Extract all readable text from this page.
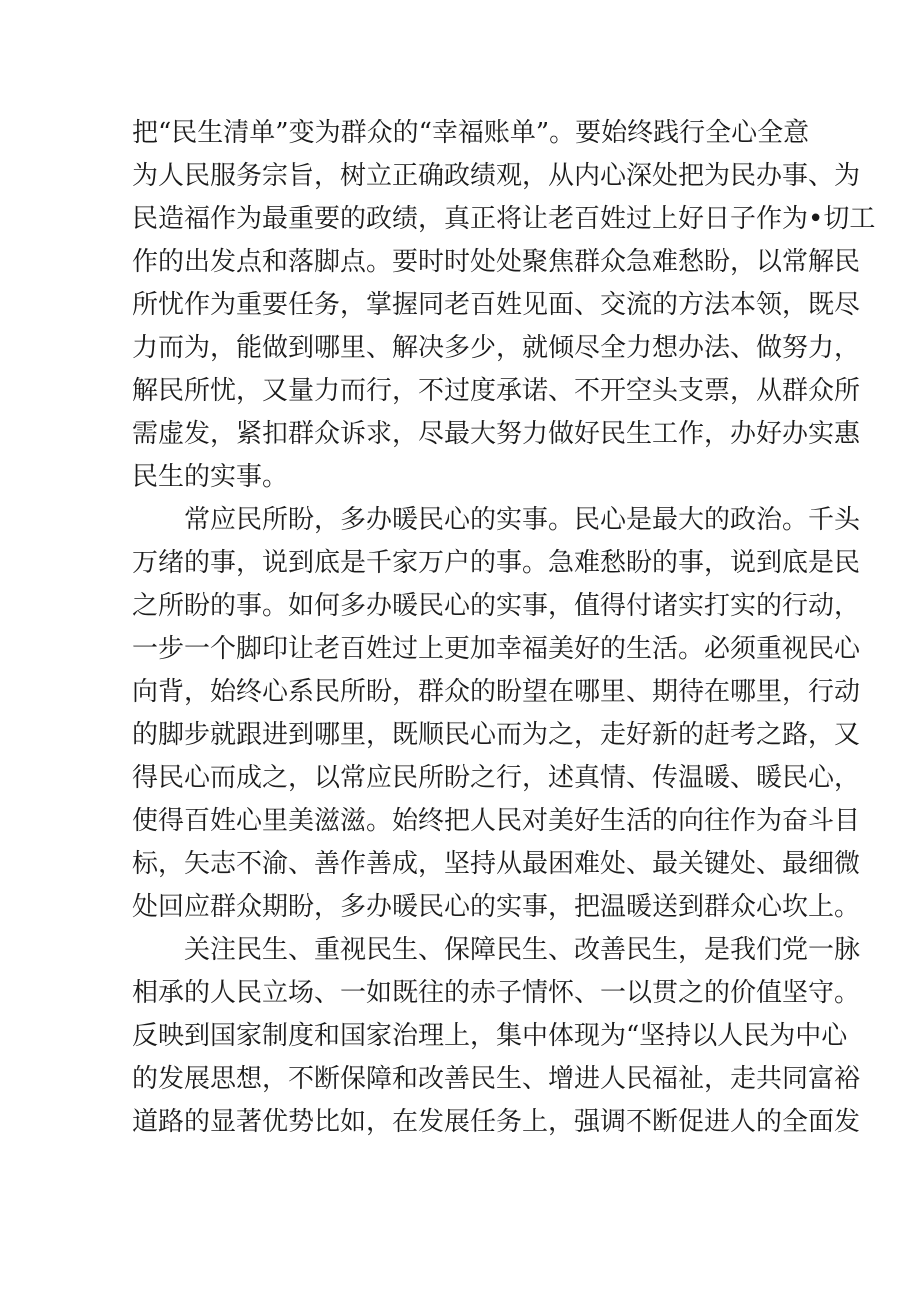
把“民生清单”变为群众的“幸福账单”。要始终践行全心全意
为人民服务宗旨，树立正确政绩观，从内心深处把为民办事、为
民造福作为最重要的政绩，真正将让老百姓过上好日子作为•切工
作的出发点和落脚点。要时时处处聚焦群众急难愁盼，以常解民
所忧作为重要任务，掌握同老百姓见面、交流的方法本领，既尽
力而为，能做到哪里、解决多少，就倾尽全力想办法、做努力，
解民所忧，又量力而行，不过度承诺、不开空头支票，从群众所
需虚发，紧扣群众诉求，尽最大努力做好民生工作，办好办实惠
民生的实事。
常应民所盼，多办暖民心的实事。民心是最大的政治。千头
万绪的事，说到底是千家万户的事。急难愁盼的事，说到底是民
之所盼的事。如何多办暖民心的实事，值得付诸实打实的行动，
一步一个脚印让老百姓过上更加幸福美好的生活。必须重视民心
向背，始终心系民所盼，群众的盼望在哪里、期待在哪里，行动
的脚步就跟进到哪里，既顺民心而为之，走好新的赶考之路，又
得民心而成之，以常应民所盼之行，述真情、传温暖、暖民心，
使得百姓心里美滋滋。始终把人民对美好生活的向往作为奋斗目
标，矢志不渝、善作善成，坚持从最困难处、最关键处、最细微
处回应群众期盼，多办暖民心的实事，把温暖送到群众心坎上。
关注民生、重视民生、保障民生、改善民生，是我们党一脉
相承的人民立场、一如既往的赤子情怀、一以贯之的价值坚守。
反映到国家制度和国家治理上，集中体现为“坚持以人民为中心
的发展思想，不断保障和改善民生、增进人民福祉，走共同富裕
道路的显著优势比如，在发展任务上，强调不断促进人的全面发
